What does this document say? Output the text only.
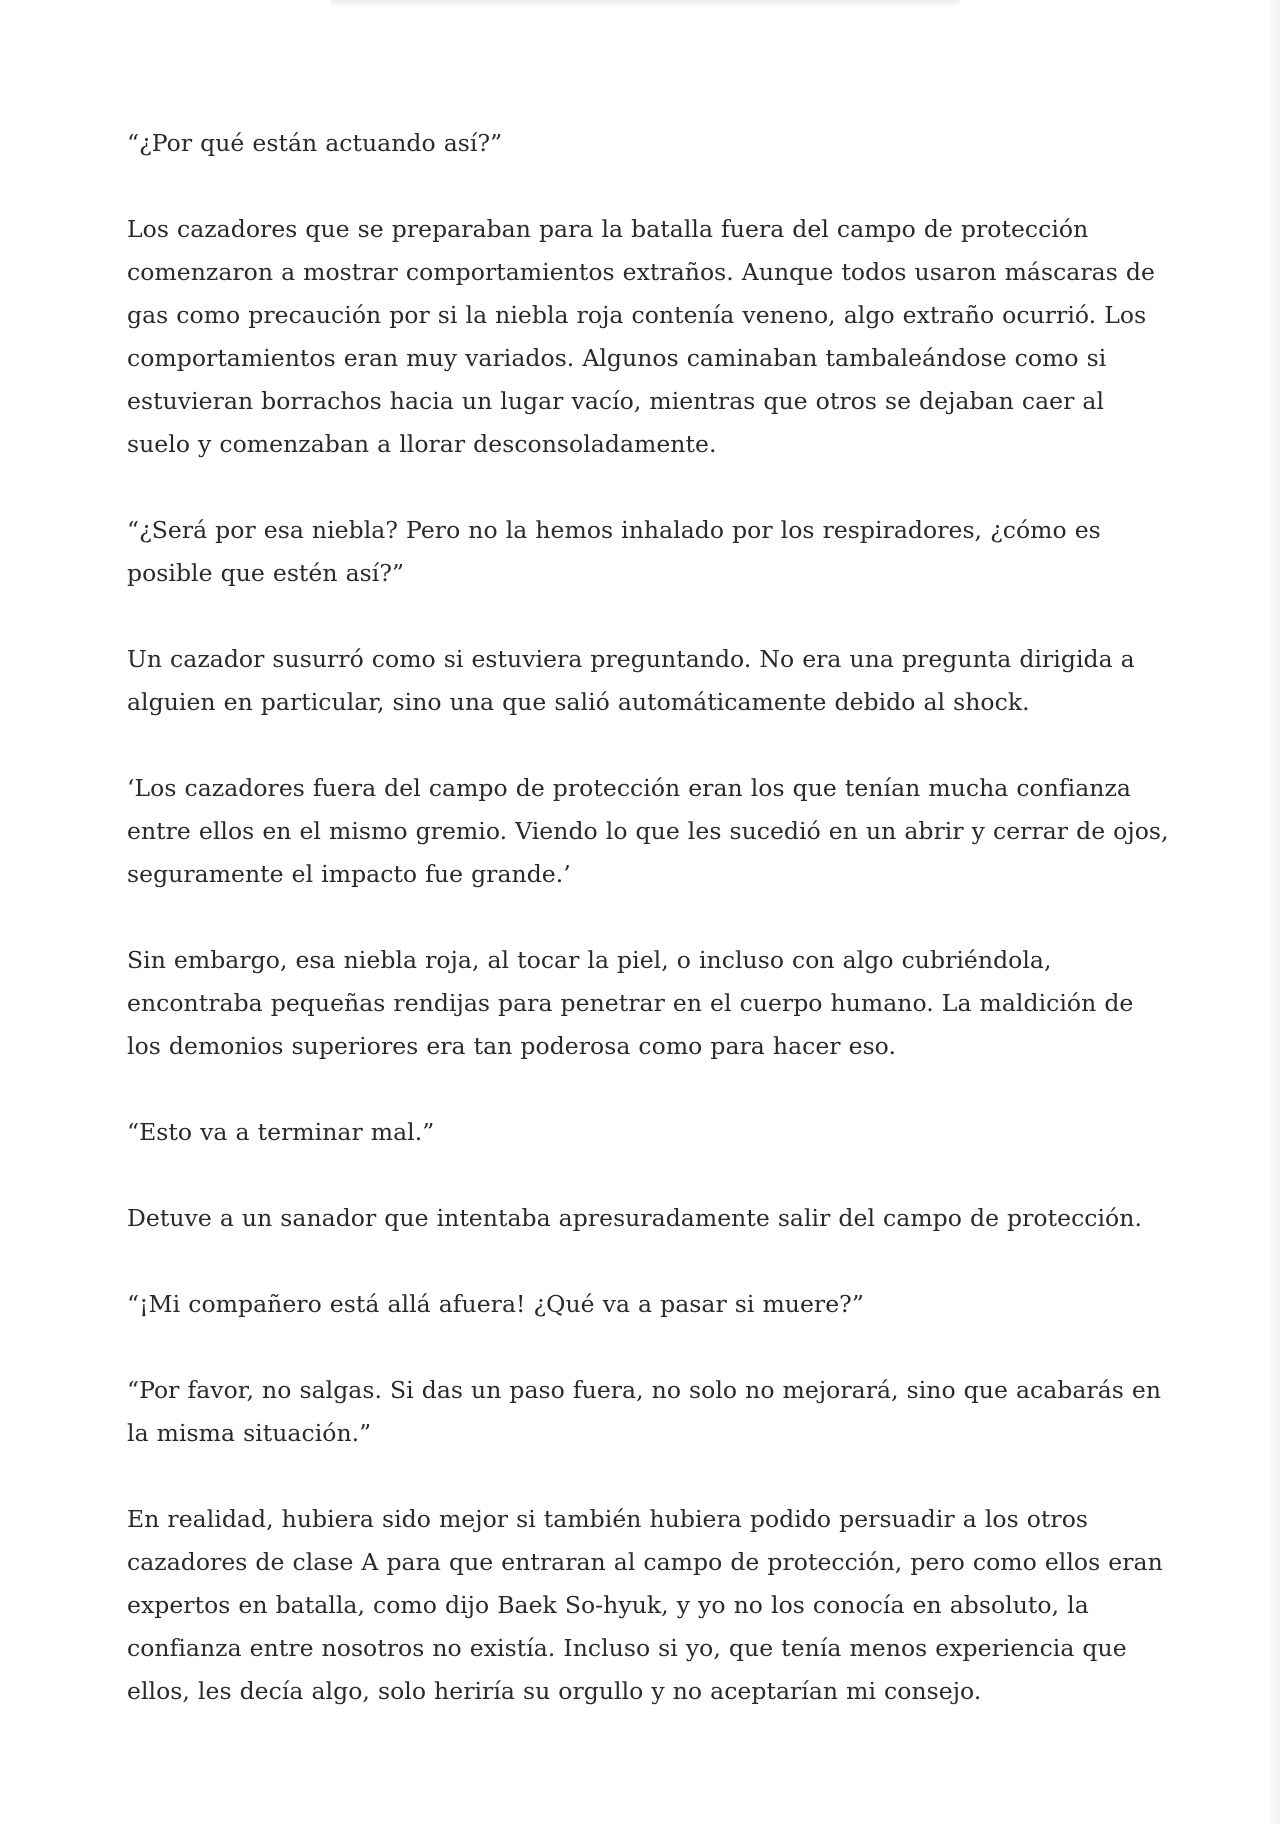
“¿Por qué están actuando así?”

Los cazadores que se preparaban para la batalla fuera del campo de protección comenzaron a mostrar comportamientos extraños. Aunque todos usaron máscaras de gas como precaución por si la niebla roja contenía veneno, algo extraño ocurrió. Los comportamientos eran muy variados. Algunos caminaban tambaleándose como si estuvieran borrachos hacia un lugar vacío, mientras que otros se dejaban caer al suelo y comenzaban a llorar desconsoladamente.

“¿Será por esa niebla? Pero no la hemos inhalado por los respiradores, ¿cómo es posible que estén así?”

Un cazador susurró como si estuviera preguntando. No era una pregunta dirigida a alguien en particular, sino una que salió automáticamente debido al shock.

‘Los cazadores fuera del campo de protección eran los que tenían mucha confianza entre ellos en el mismo gremio. Viendo lo que les sucedió en un abrir y cerrar de ojos, seguramente el impacto fue grande.’

Sin embargo, esa niebla roja, al tocar la piel, o incluso con algo cubriéndola, encontraba pequeñas rendijas para penetrar en el cuerpo humano. La maldición de los demonios superiores era tan poderosa como para hacer eso.

“Esto va a terminar mal.”

Detuve a un sanador que intentaba apresuradamente salir del campo de protección.

“¡Mi compañero está allá afuera! ¿Qué va a pasar si muere?”

“Por favor, no salgas. Si das un paso fuera, no solo no mejorará, sino que acabarás en la misma situación.”

En realidad, hubiera sido mejor si también hubiera podido persuadir a los otros cazadores de clase A para que entraran al campo de protección, pero como ellos eran expertos en batalla, como dijo Baek So-hyuk, y yo no los conocía en absoluto, la confianza entre nosotros no existía. Incluso si yo, que tenía menos experiencia que ellos, les decía algo, solo heriría su orgullo y no aceptarían mi consejo.
